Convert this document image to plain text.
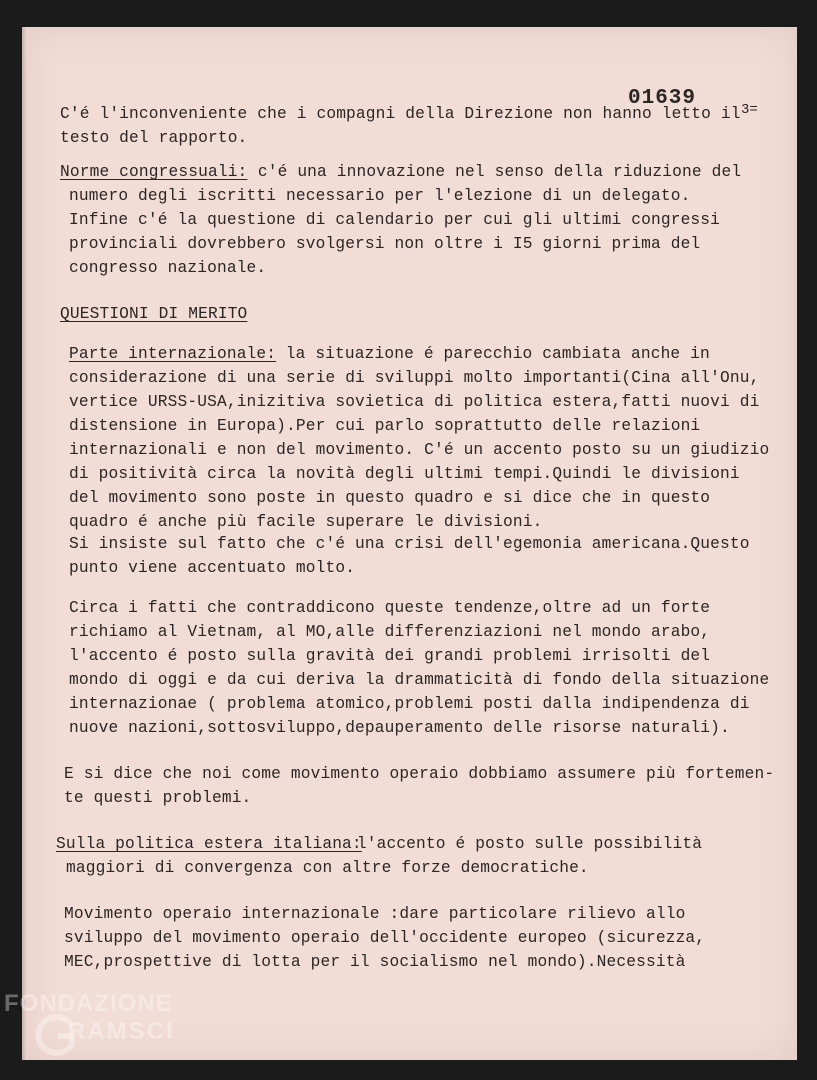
01639	3=
C'é l'inconveniente che i compagni della Direzione non hanno letto il
testo del rapporto.
Norme congressuali: c'é una innovazione nel senso della riduzione del
numero degli iscritti necessario per l'elezione di un delegato.
Infine c'é la questione di calendario per cui gli ultimi congressi
provinciali dovrebbero svolgersi non oltre i I5 giorni prima del
congresso nazionale.
QUESTIONI DI MERITO
Parte internazionale:
la situazione é parecchio cambiata anche in
considerazione di una serie di sviluppi molto importanti(Cina all'Onu,
vertice URSS-USA,inizitiva sovietica di politica estera,fatti nuovi di
distensione in Europa).Per cui parlo soprattutto delle relazioni
internazionali e non del movimento. C'é un accento posto su un giudizio
di positività circa la novità degli ultimi tempi.Quindi le divisioni
del movimento sono poste in questo quadro e si dice che in questo
quadro é anche più facile superare le divisioni.
Si insiste sul fatto che c'é una crisi dell'egemonia americana.Questo
punto viene accentuato molto.
Circa i fatti che contraddicono queste tendenze,oltre ad un forte
richiamo al Vietnam, al MO,alle differenziazioni nel mondo arabo,
l'accento é posto sulla gravità dei grandi problemi irrisolti del
mondo di oggi e da cui deriva la drammaticità di fondo della situazione
internazionae ( problema atomico,problemi posti dalla indipendenza di
nuove nazioni,sottosviluppo,depauperamento delle risorse naturali).
E si dice che noi come movimento operaio dobbiamo assumere più fortemen-
te questi problemi.
Sulla politica estera italiana:
l'accento é posto sulle possibilità
maggiori di convergenza con altre forze democratiche.
Movimento operaio internazionale :dare particolare rilievo allo
sviluppo del movimento operaio dell'occidente europeo (sicurezza,
MEC,prospettive di lotta per il socialismo nel mondo).Necessità
FONDAZIONE
RAMSCI
